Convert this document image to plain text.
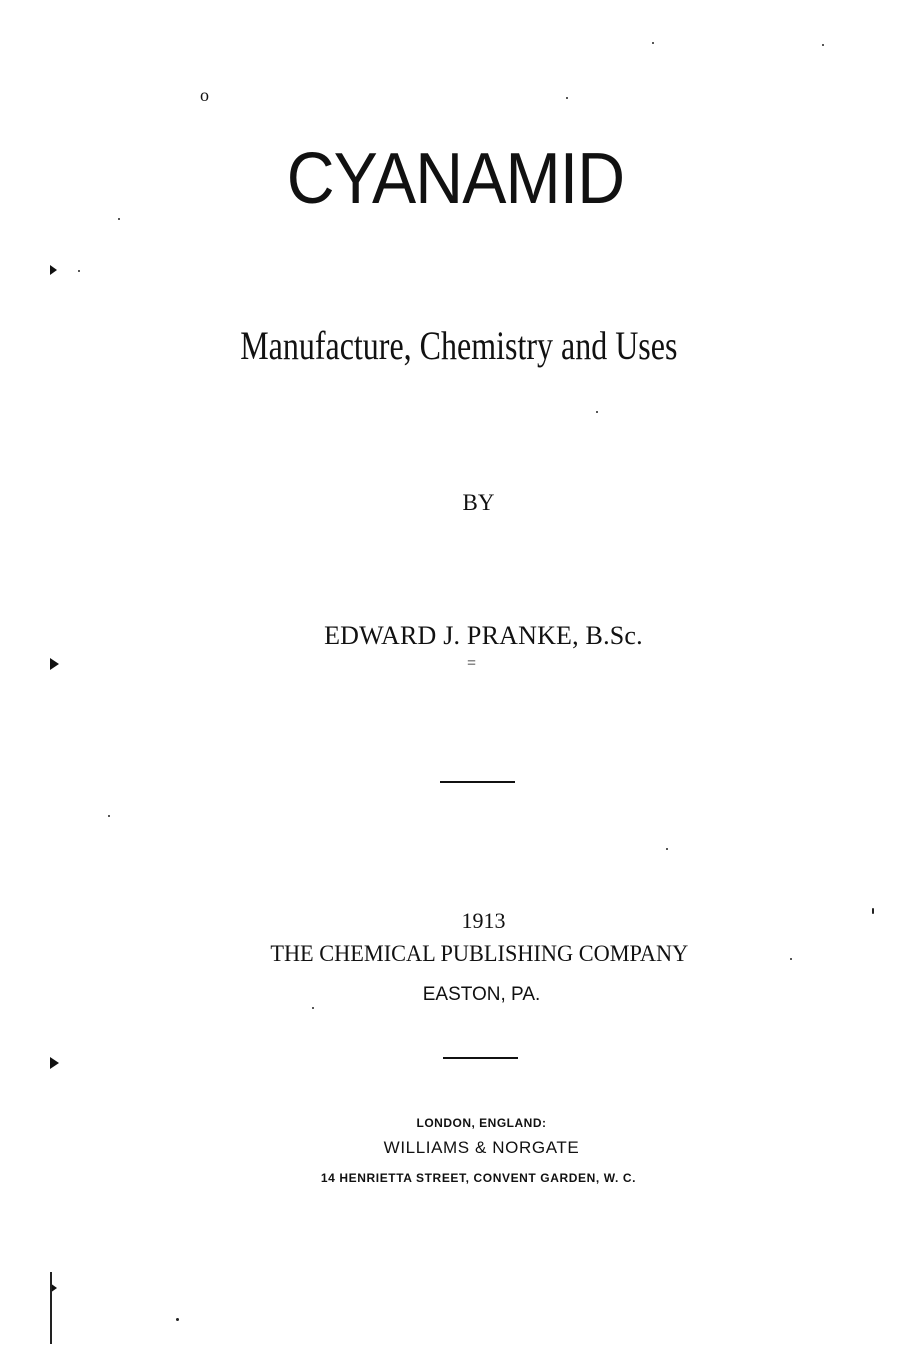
o
CYANAMID
Manufacture, Chemistry and Uses
BY
EDWARD J. PRANKE, B.Sc.
=
1913
THE CHEMICAL PUBLISHING COMPANY
EASTON, PA.
LONDON, ENGLAND:
WILLIAMS & NORGATE
14 HENRIETTA STREET, CONVENT GARDEN, W. C.
